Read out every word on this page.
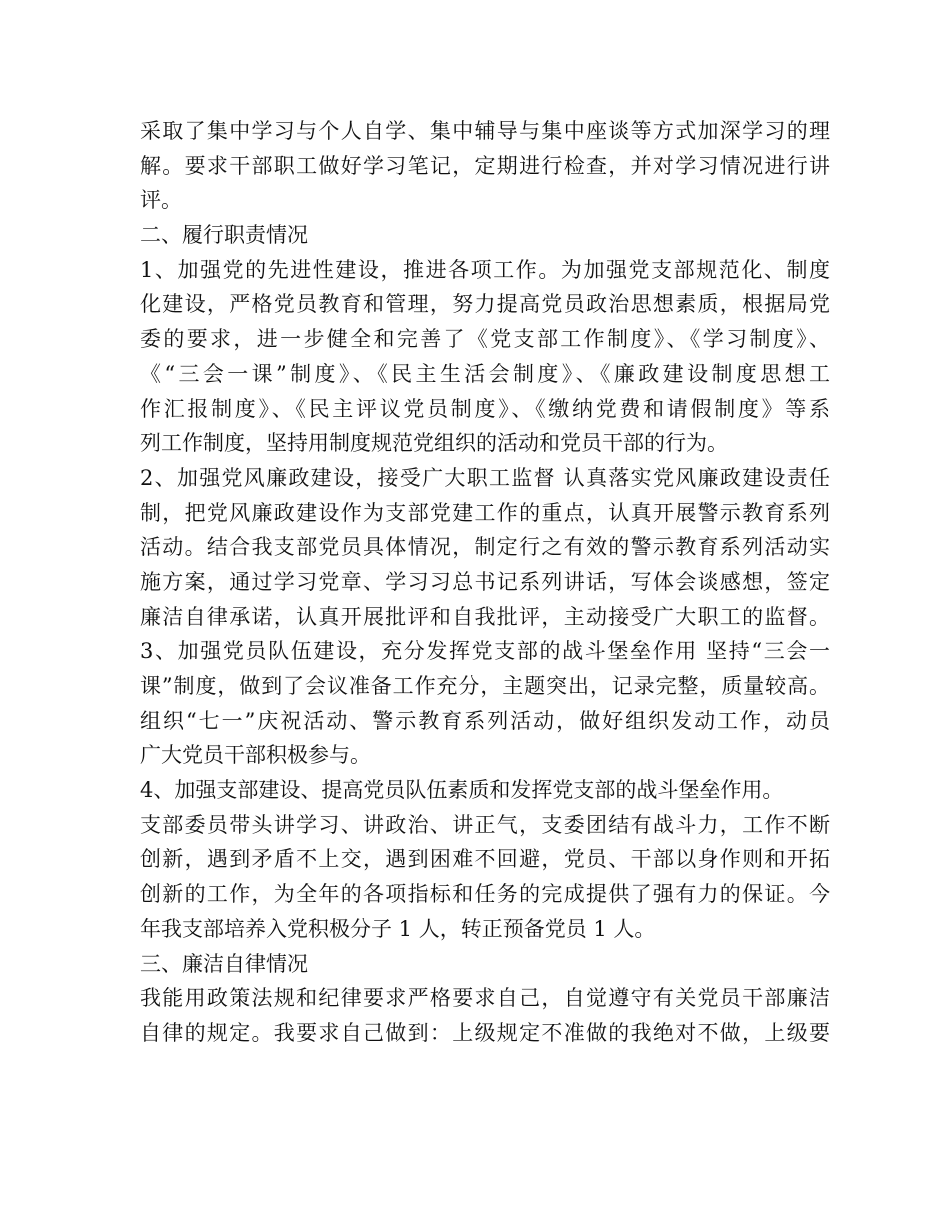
采取了集中学习与个人自学、集中辅导与集中座谈等方式加深学习的理
解。要求干部职工做好学习笔记，定期进行检查，并对学习情况进行讲
评。
二、履行职责情况
1、加强党的先进性建设，推进各项工作。为加强党支部规范化、制度
化建设，严格党员教育和管理，努力提高党员政治思想素质，根据局党
委的要求，进一步健全和完善了《党支部工作制度》、《学习制度》、
《“三会一课”制度》、《民主生活会制度》、《廉政建设制度思想工
作汇报制度》、《民主评议党员制度》、《缴纳党费和请假制度》等系
列工作制度，坚持用制度规范党组织的活动和党员干部的行为。
2、加强党风廉政建设，接受广大职工监督 认真落实党风廉政建设责任
制，把党风廉政建设作为支部党建工作的重点，认真开展警示教育系列
活动。结合我支部党员具体情况，制定行之有效的警示教育系列活动实
施方案，通过学习党章、学习习总书记系列讲话，写体会谈感想，签定
廉洁自律承诺，认真开展批评和自我批评，主动接受广大职工的监督。
3、加强党员队伍建设，充分发挥党支部的战斗堡垒作用 坚持“三会一
课”制度，做到了会议准备工作充分，主题突出，记录完整，质量较高。
组织“七一”庆祝活动、警示教育系列活动，做好组织发动工作，动员
广大党员干部积极参与。
4、加强支部建设、提高党员队伍素质和发挥党支部的战斗堡垒作用。
支部委员带头讲学习、讲政治、讲正气，支委团结有战斗力，工作不断
创新，遇到矛盾不上交，遇到困难不回避，党员、干部以身作则和开拓
创新的工作，为全年的各项指标和任务的完成提供了强有力的保证。今
年我支部培养入党积极分子 1 人，转正预备党员 1 人。
三、廉洁自律情况
我能用政策法规和纪律要求严格要求自己，自觉遵守有关党员干部廉洁
自律的规定。我要求自己做到：上级规定不准做的我绝对不做，上级要
